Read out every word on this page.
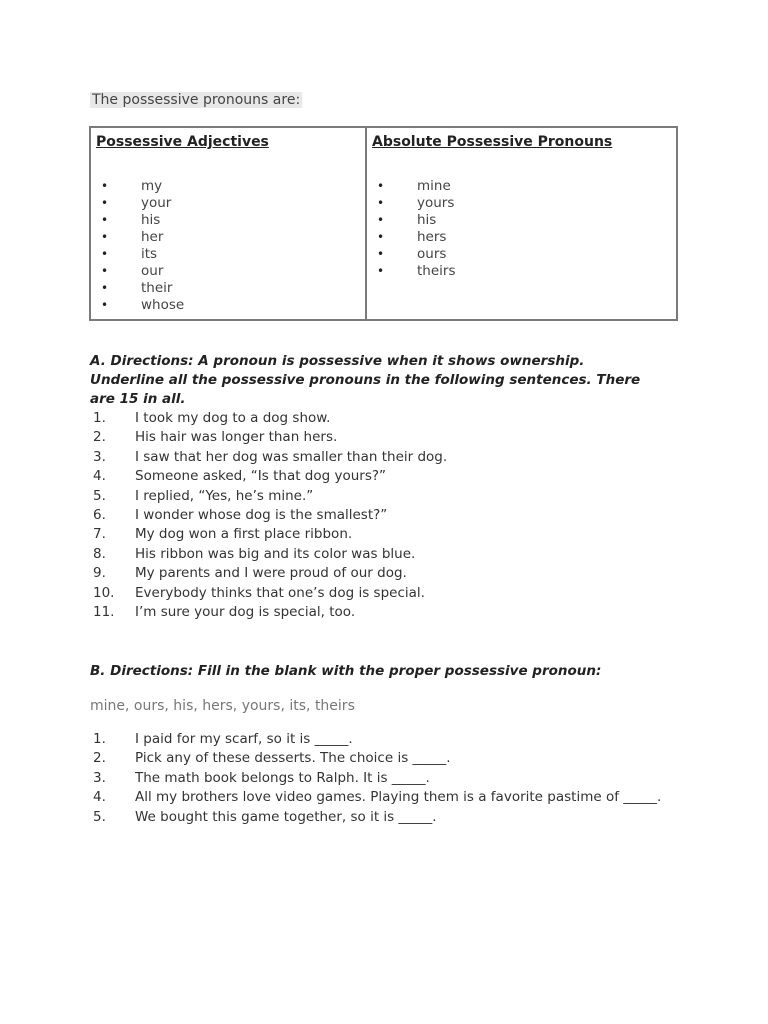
The possessive pronouns are:
Possessive Adjectives
• my
• your
• his
• her
• its
• our
• their
• whose
Absolute Possessive Pronouns
• mine
• yours
• his
• hers
• ours
• theirs
A. Directions: A pronoun is possessive when it shows ownership. Underline all the possessive pronouns in the following sentences. There are 15 in all.
1. I took my dog to a dog show.
2. His hair was longer than hers.
3. I saw that her dog was smaller than their dog.
4. Someone asked, “Is that dog yours?”
5. I replied, “Yes, he’s mine.”
6. I wonder whose dog is the smallest?”
7. My dog won a first place ribbon.
8. His ribbon was big and its color was blue.
9. My parents and I were proud of our dog.
10. Everybody thinks that one’s dog is special.
11. I’m sure your dog is special, too.
B. Directions: Fill in the blank with the proper possessive pronoun:
mine, ours, his, hers, yours, its, theirs
1. I paid for my scarf, so it is _____.
2. Pick any of these desserts. The choice is _____.
3. The math book belongs to Ralph. It is _____.
4. All my brothers love video games. Playing them is a favorite pastime of _____.
5. We bought this game together, so it is _____.
